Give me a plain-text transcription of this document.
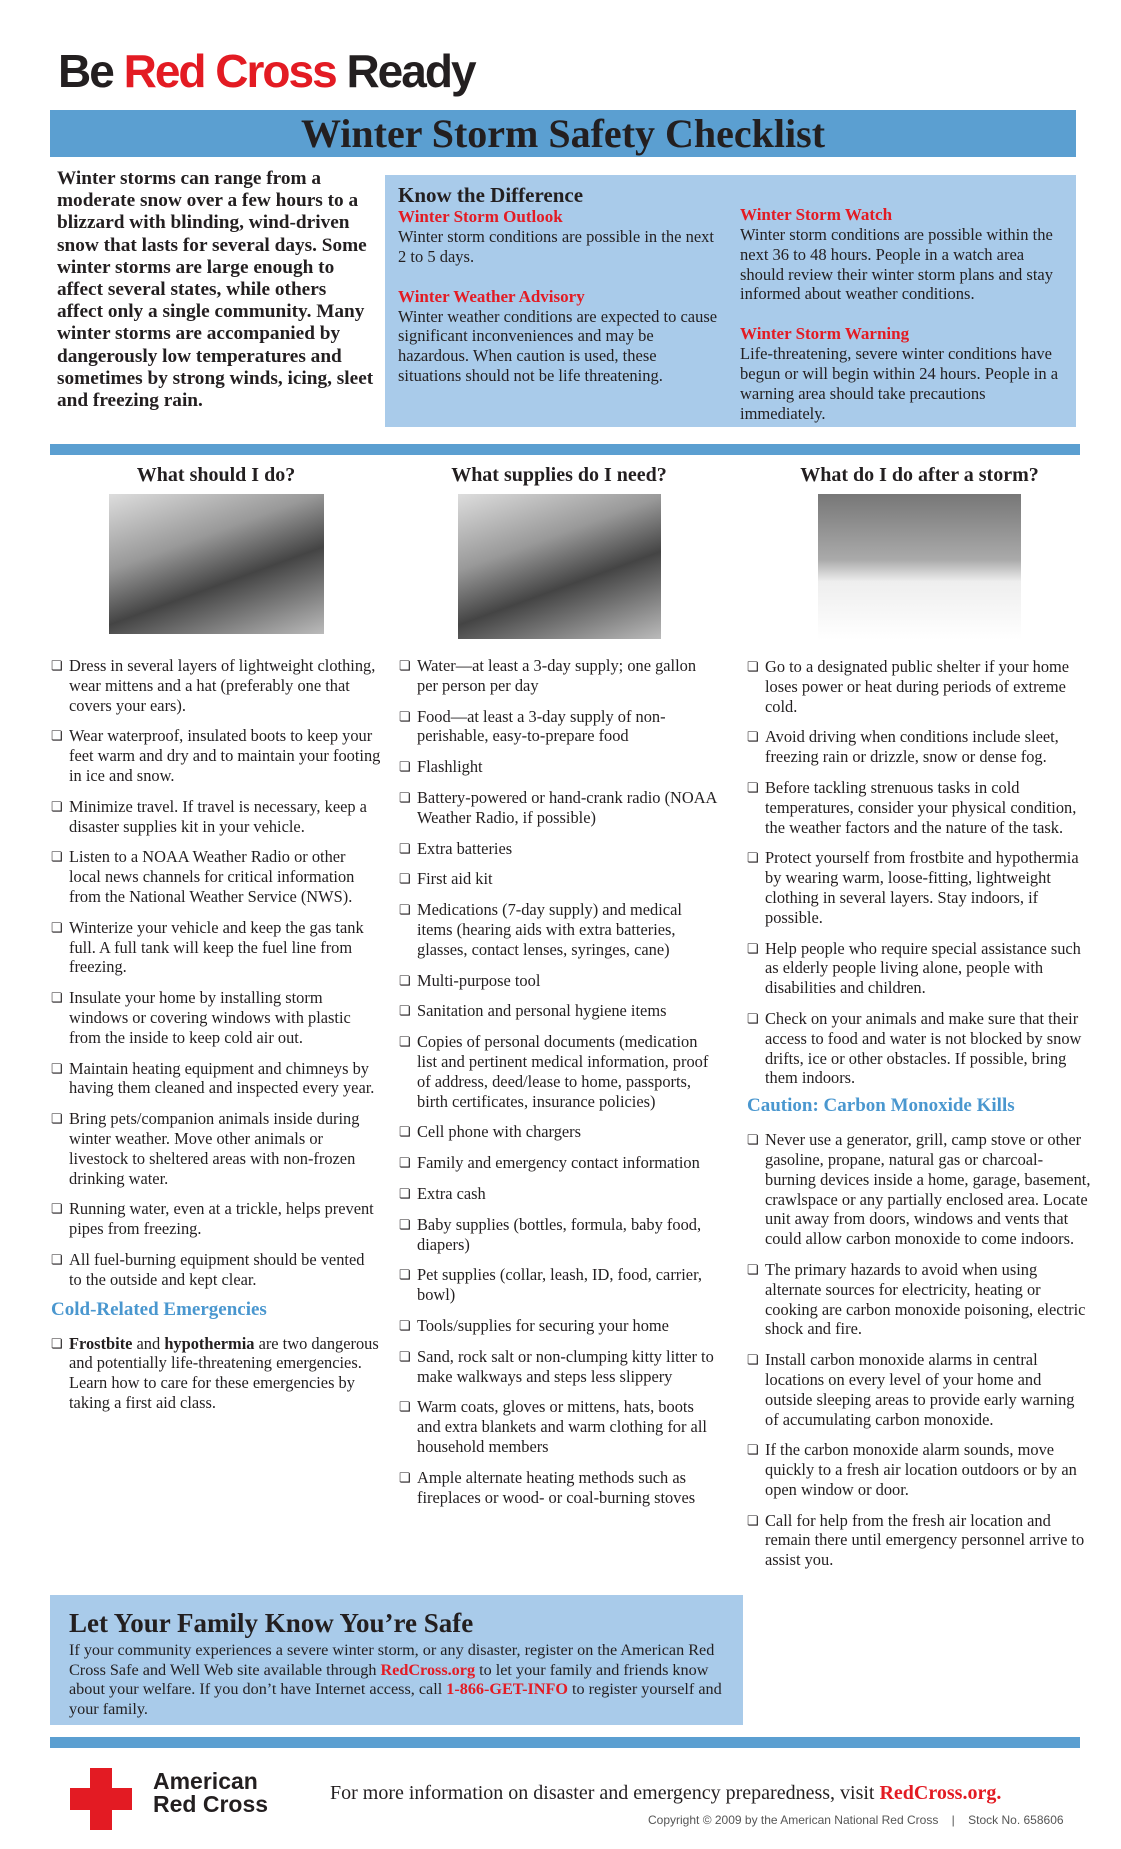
Be Red Cross Ready
Winter Storm Safety Checklist
Winter storms can range from a moderate snow over a few hours to a blizzard with blinding, wind-driven snow that lasts for several days. Some winter storms are large enough to affect several states, while others affect only a single community. Many winter storms are accompanied by dangerously low temperatures and sometimes by strong winds, icing, sleet and freezing rain.
Know the Difference
Winter Storm Outlook

Winter storm conditions are possible in the next 2 to 5 days.

Winter Weather Advisory

Winter weather conditions are expected to cause significant inconveniences and may be hazardous. When caution is used, these situations should not be life threatening.

Winter Storm Watch

Winter storm conditions are possible within the next 36 to 48 hours. People in a watch area should review their winter storm plans and stay informed about weather conditions.

Winter Storm Warning

Life-threatening, severe winter conditions have begun or will begin within 24 hours. People in a warning area should take precautions immediately.

What should I do?
❏ Dress in several layers of lightweight clothing, wear mittens and a hat (preferably one that covers your ears).
❏ Wear waterproof, insulated boots to keep your feet warm and dry and to maintain your footing in ice and snow.
❏ Minimize travel. If travel is necessary, keep a disaster supplies kit in your vehicle.
❏ Listen to a NOAA Weather Radio or other local news channels for critical information from the National Weather Service (NWS).
❏ Winterize your vehicle and keep the gas tank full. A full tank will keep the fuel line from freezing.
❏ Insulate your home by installing storm windows or covering windows with plastic from the inside to keep cold air out.
❏ Maintain heating equipment and chimneys by having them cleaned and inspected every year.
❏ Bring pets/companion animals inside during winter weather. Move other animals or livestock to sheltered areas with non-frozen drinking water.
❏ Running water, even at a trickle, helps prevent pipes from freezing.
❏ All fuel-burning equipment should be vented to the outside and kept clear.
Cold-Related Emergencies
❏ Frostbite and hypothermia are two dangerous and potentially life-threatening emergencies. Learn how to care for these emergencies by taking a first aid class.
What supplies do I need?
❏ Water—at least a 3-day supply; one gallon per person per day
❏ Food—at least a 3-day supply of non-perishable, easy-to-prepare food
❏ Flashlight
❏ Battery-powered or hand-crank radio (NOAA Weather Radio, if possible)
❏ Extra batteries
❏ First aid kit
❏ Medications (7-day supply) and medical items (hearing aids with extra batteries, glasses, contact lenses, syringes, cane)
❏ Multi-purpose tool
❏ Sanitation and personal hygiene items
❏ Copies of personal documents (medication list and pertinent medical information, proof of address, deed/lease to home, passports, birth certificates, insurance policies)
❏ Cell phone with chargers
❏ Family and emergency contact information
❏ Extra cash
❏ Baby supplies (bottles, formula, baby food, diapers)
❏ Pet supplies (collar, leash, ID, food, carrier, bowl)
❏ Tools/supplies for securing your home
❏ Sand, rock salt or non-clumping kitty litter to make walkways and steps less slippery
❏ Warm coats, gloves or mittens, hats, boots and extra blankets and warm clothing for all household members
❏ Ample alternate heating methods such as fireplaces or wood- or coal-burning stoves
What do I do after a storm?
❏ Go to a designated public shelter if your home loses power or heat during periods of extreme cold.
❏ Avoid driving when conditions include sleet, freezing rain or drizzle, snow or dense fog.
❏ Before tackling strenuous tasks in cold temperatures, consider your physical condition, the weather factors and the nature of the task.
❏ Protect yourself from frostbite and hypothermia by wearing warm, loose-fitting, lightweight clothing in several layers. Stay indoors, if possible.
❏ Help people who require special assistance such as elderly people living alone, people with disabilities and children.
❏ Check on your animals and make sure that their access to food and water is not blocked by snow drifts, ice or other obstacles. If possible, bring them indoors.
Caution: Carbon Monoxide Kills
❏ Never use a generator, grill, camp stove or other gasoline, propane, natural gas or charcoal-burning devices inside a home, garage, basement, crawlspace or any partially enclosed area. Locate unit away from doors, windows and vents that could allow carbon monoxide to come indoors.
❏ The primary hazards to avoid when using alternate sources for electricity, heating or cooking are carbon monoxide poisoning, electric shock and fire.
❏ Install carbon monoxide alarms in central locations on every level of your home and outside sleeping areas to provide early warning of accumulating carbon monoxide.
❏ If the carbon monoxide alarm sounds, move quickly to a fresh air location outdoors or by an open window or door.
❏ Call for help from the fresh air location and remain there until emergency personnel arrive to assist you.
Let Your Family Know You’re Safe

If your community experiences a severe winter storm, or any disaster, register on the American Red Cross Safe and Well Web site available through RedCross.org to let your family and friends know about your welfare. If you don’t have Internet access, call 1-866-GET-INFO to register yourself and your family.

American
Red Cross	For more information on disaster and emergency preparedness, visit RedCross.org.
Copyright © 2009 by the American National Red Cross | Stock No. 658606
